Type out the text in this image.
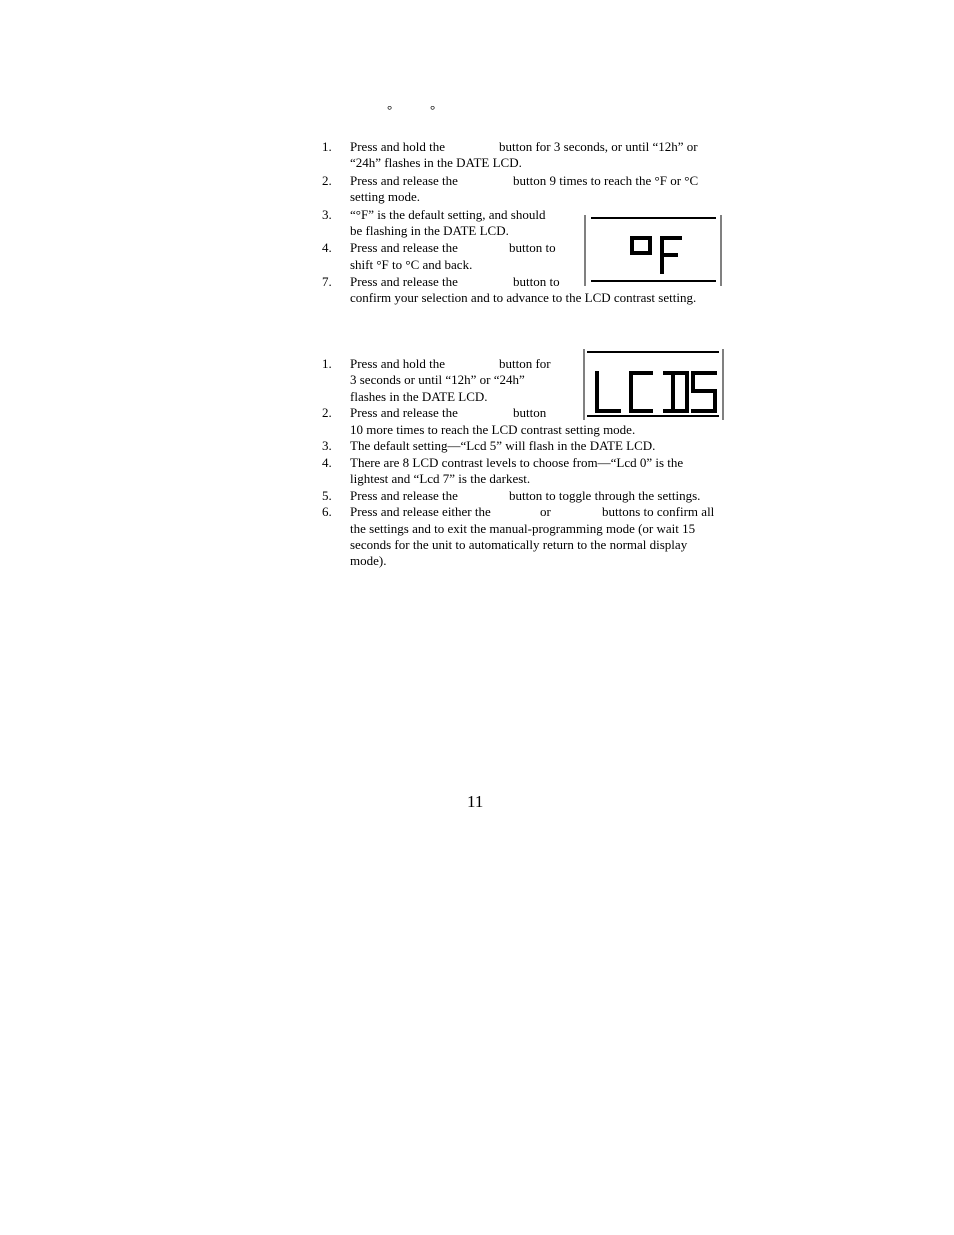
°	°
1. Press and hold the	button for 3 seconds, or until “12h” or
“24h” flashes in the DATE LCD.
2. Press and release the	button 9 times to reach the °F or °C
setting mode.
3. “°F” is the default setting, and should
be flashing in the DATE LCD.
4. Press and release the	button to
shift °F to °C and back.
7. Press and release the	button to
confirm your selection and to advance to the LCD contrast setting.
1. Press and hold the	button for
3 seconds or until “12h” or “24h”
flashes in the DATE LCD.
2. Press and release the	button
10 more times to reach the LCD contrast setting mode.
3. The default setting—“Lcd 5” will flash in the DATE LCD.
4. There are 8 LCD contrast levels to choose from—“Lcd 0” is the
lightest and “Lcd 7” is the darkest.
5. Press and release the	button to toggle through the settings.
6. Press and release either the	or	buttons to confirm all
the settings and to exit the manual-programming mode (or wait 15
seconds for the unit to automatically return to the normal display
mode).
11
